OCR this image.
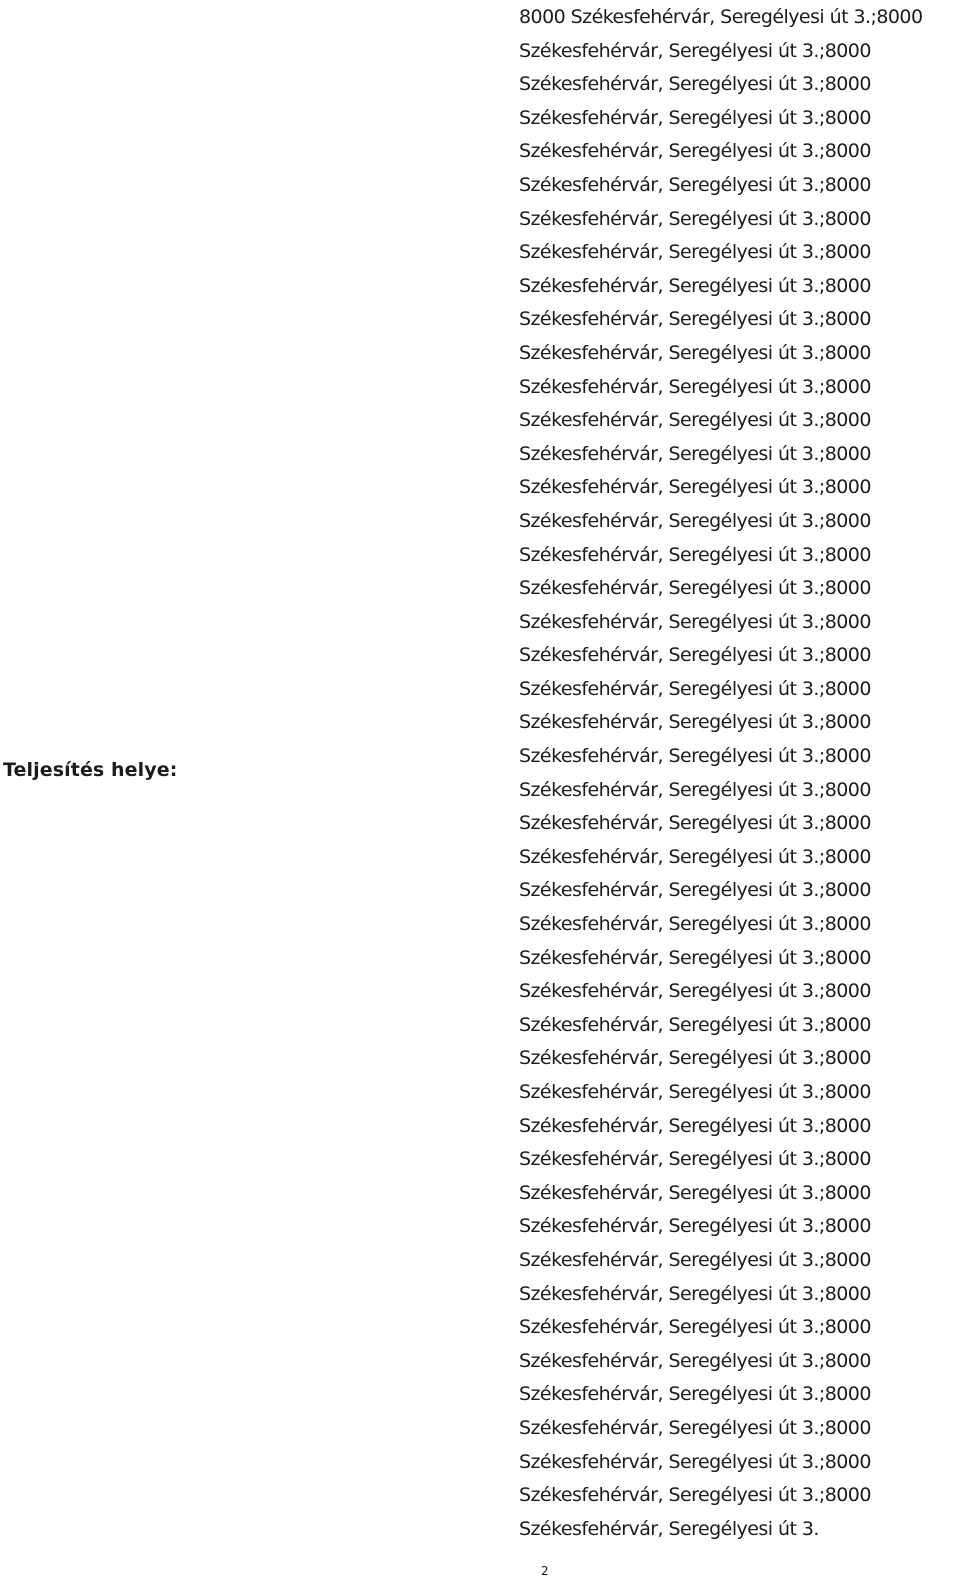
Teljesítés helye:
8000 Székesfehérvár, Seregélyesi út 3.;8000
Székesfehérvár, Seregélyesi út 3.;8000
Székesfehérvár, Seregélyesi út 3.;8000
Székesfehérvár, Seregélyesi út 3.;8000
Székesfehérvár, Seregélyesi út 3.;8000
Székesfehérvár, Seregélyesi út 3.;8000
Székesfehérvár, Seregélyesi út 3.;8000
Székesfehérvár, Seregélyesi út 3.;8000
Székesfehérvár, Seregélyesi út 3.;8000
Székesfehérvár, Seregélyesi út 3.;8000
Székesfehérvár, Seregélyesi út 3.;8000
Székesfehérvár, Seregélyesi út 3.;8000
Székesfehérvár, Seregélyesi út 3.;8000
Székesfehérvár, Seregélyesi út 3.;8000
Székesfehérvár, Seregélyesi út 3.;8000
Székesfehérvár, Seregélyesi út 3.;8000
Székesfehérvár, Seregélyesi út 3.;8000
Székesfehérvár, Seregélyesi út 3.;8000
Székesfehérvár, Seregélyesi út 3.;8000
Székesfehérvár, Seregélyesi út 3.;8000
Székesfehérvár, Seregélyesi út 3.;8000
Székesfehérvár, Seregélyesi út 3.;8000
Székesfehérvár, Seregélyesi út 3.;8000
Székesfehérvár, Seregélyesi út 3.;8000
Székesfehérvár, Seregélyesi út 3.;8000
Székesfehérvár, Seregélyesi út 3.;8000
Székesfehérvár, Seregélyesi út 3.;8000
Székesfehérvár, Seregélyesi út 3.;8000
Székesfehérvár, Seregélyesi út 3.;8000
Székesfehérvár, Seregélyesi út 3.;8000
Székesfehérvár, Seregélyesi út 3.;8000
Székesfehérvár, Seregélyesi út 3.;8000
Székesfehérvár, Seregélyesi út 3.;8000
Székesfehérvár, Seregélyesi út 3.;8000
Székesfehérvár, Seregélyesi út 3.;8000
Székesfehérvár, Seregélyesi út 3.;8000
Székesfehérvár, Seregélyesi út 3.;8000
Székesfehérvár, Seregélyesi út 3.;8000
Székesfehérvár, Seregélyesi út 3.;8000
Székesfehérvár, Seregélyesi út 3.;8000
Székesfehérvár, Seregélyesi út 3.;8000
Székesfehérvár, Seregélyesi út 3.;8000
Székesfehérvár, Seregélyesi út 3.;8000
Székesfehérvár, Seregélyesi út 3.;8000
Székesfehérvár, Seregélyesi út 3.;8000
Székesfehérvár, Seregélyesi út 3.
2
